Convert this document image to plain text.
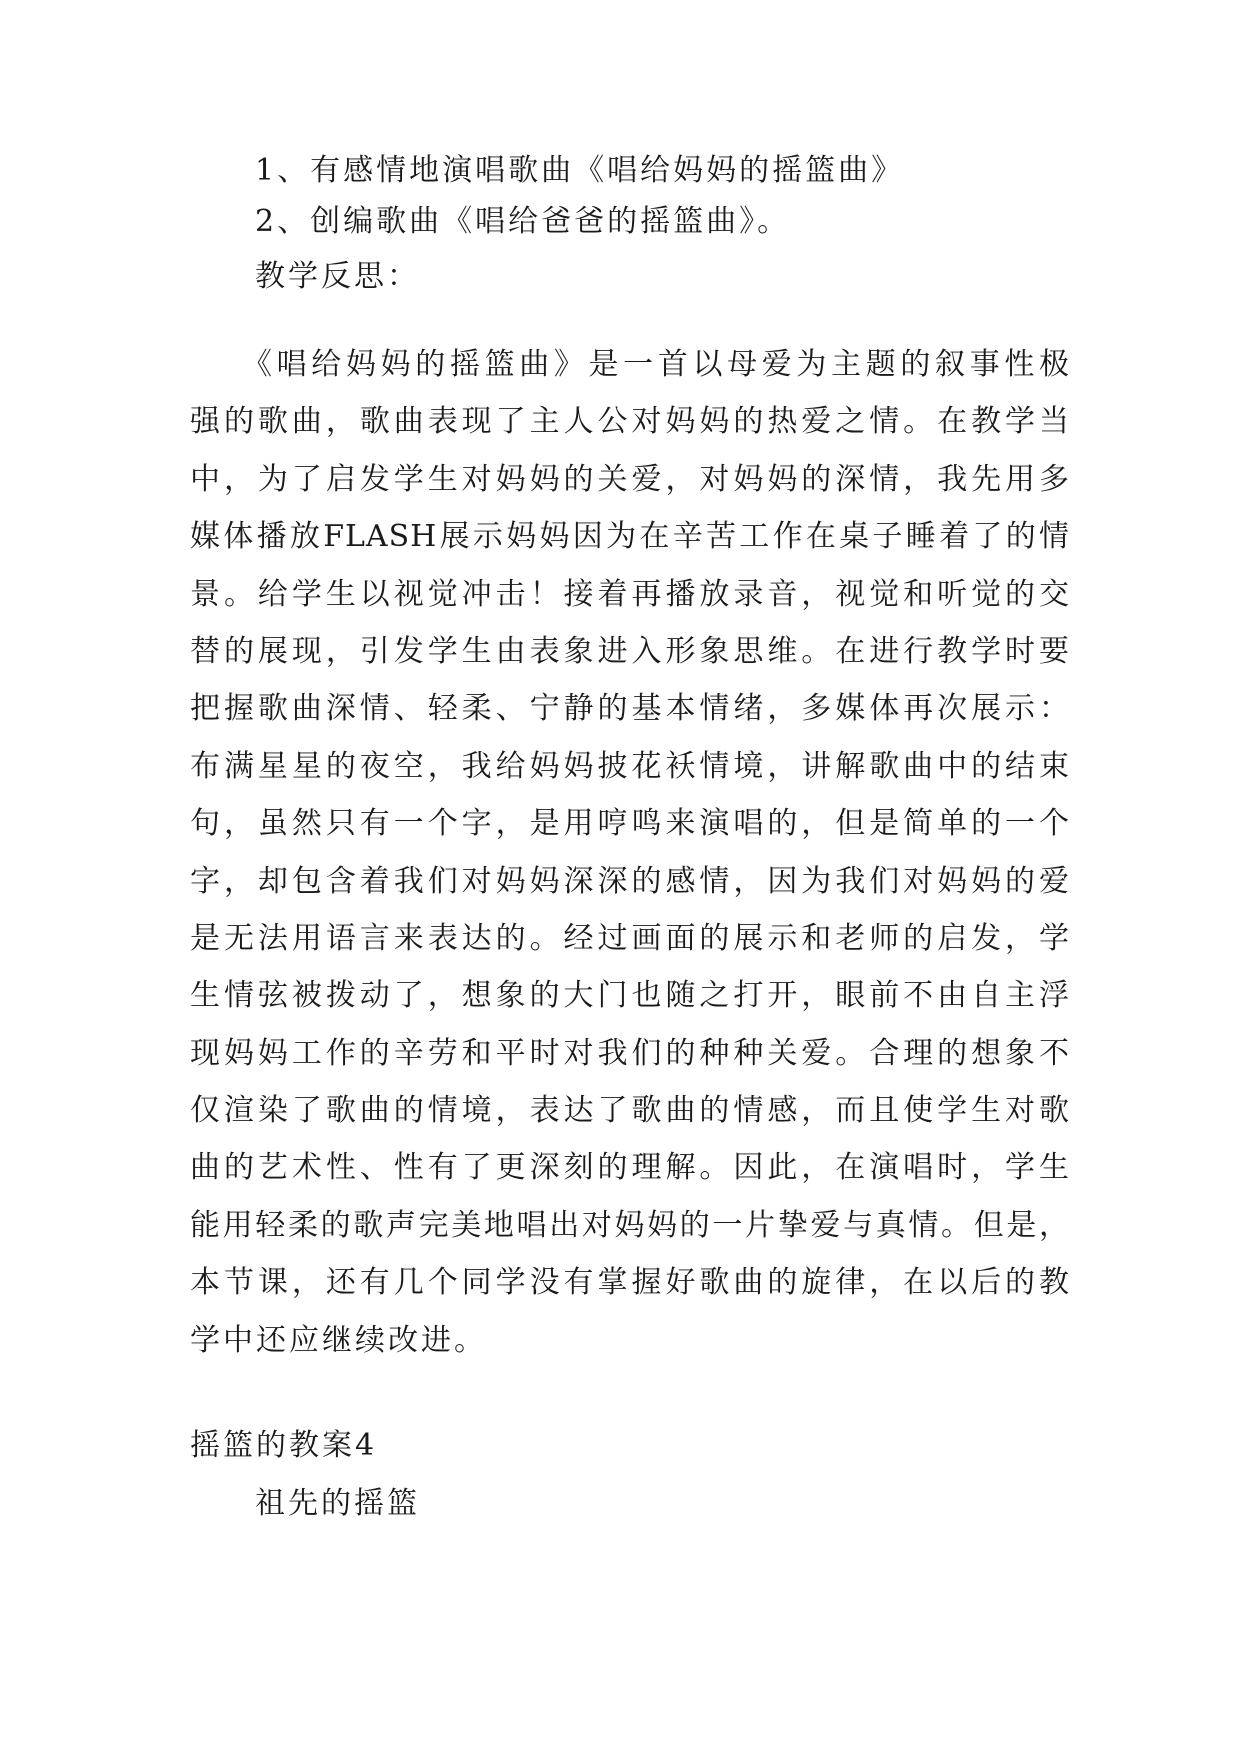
1、有感情地演唱歌曲《唱给妈妈的摇篮曲》

2、创编歌曲《唱给爸爸的摇篮曲》。

教学反思：

《唱给妈妈的摇篮曲》是一首以母爱为主题的叙事性极
强的歌曲，歌曲表现了主人公对妈妈的热爱之情。在教学当
中，为了启发学生对妈妈的关爱，对妈妈的深情，我先用多
媒体播放FLASH展示妈妈因为在辛苦工作在桌子睡着了的情
景。给学生以视觉冲击！接着再播放录音，视觉和听觉的交
替的展现，引发学生由表象进入形象思维。在进行教学时要
把握歌曲深情、轻柔、宁静的基本情绪，多媒体再次展示：
布满星星的夜空，我给妈妈披花袄情境，讲解歌曲中的结束
句，虽然只有一个字，是用哼鸣来演唱的，但是简单的一个
字，却包含着我们对妈妈深深的感情，因为我们对妈妈的爱
是无法用语言来表达的。经过画面的展示和老师的启发，学
生情弦被拨动了，想象的大门也随之打开，眼前不由自主浮
现妈妈工作的辛劳和平时对我们的种种关爱。合理的想象不
仅渲染了歌曲的情境，表达了歌曲的情感，而且使学生对歌
曲的艺术性、性有了更深刻的理解。因此，在演唱时，学生
能用轻柔的歌声完美地唱出对妈妈的一片挚爱与真情。但是，
本节课，还有几个同学没有掌握好歌曲的旋律，在以后的教
学中还应继续改进。

摇篮的教案4

祖先的摇篮
